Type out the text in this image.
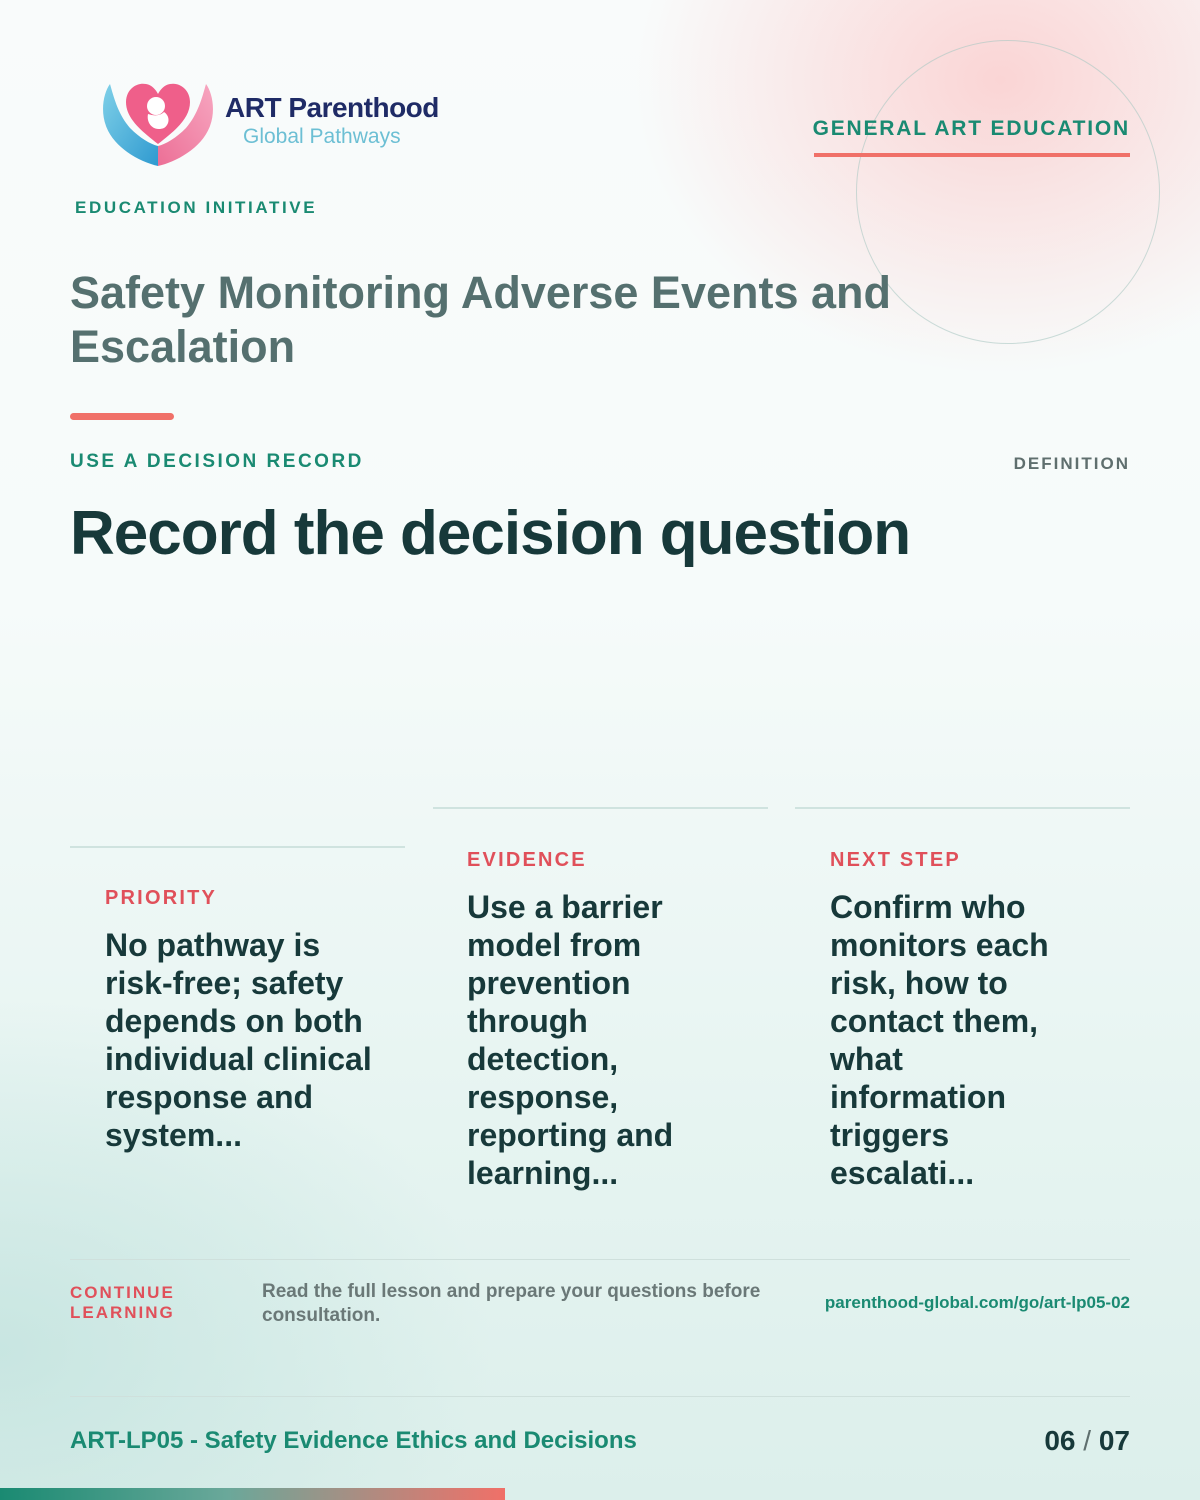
ART Parenthood
Global Pathways
EDUCATION INITIATIVE
GENERAL ART EDUCATION
Safety Monitoring Adverse Events and Escalation
USE A DECISION RECORD	DEFINITION
Record the decision question
PRIORITY
No pathway is risk-free; safety depends on both individual clinical response and system...
EVIDENCE
Use a barrier model from prevention through detection, response, reporting and learning...
NEXT STEP
Confirm who monitors each risk, how to contact them, what information triggers escalati...
CONTINUE LEARNING
Read the full lesson and prepare your questions before consultation.
parenthood-global.com/go/art-lp05-02
ART-LP05 - Safety Evidence Ethics and Decisions	06 / 07
